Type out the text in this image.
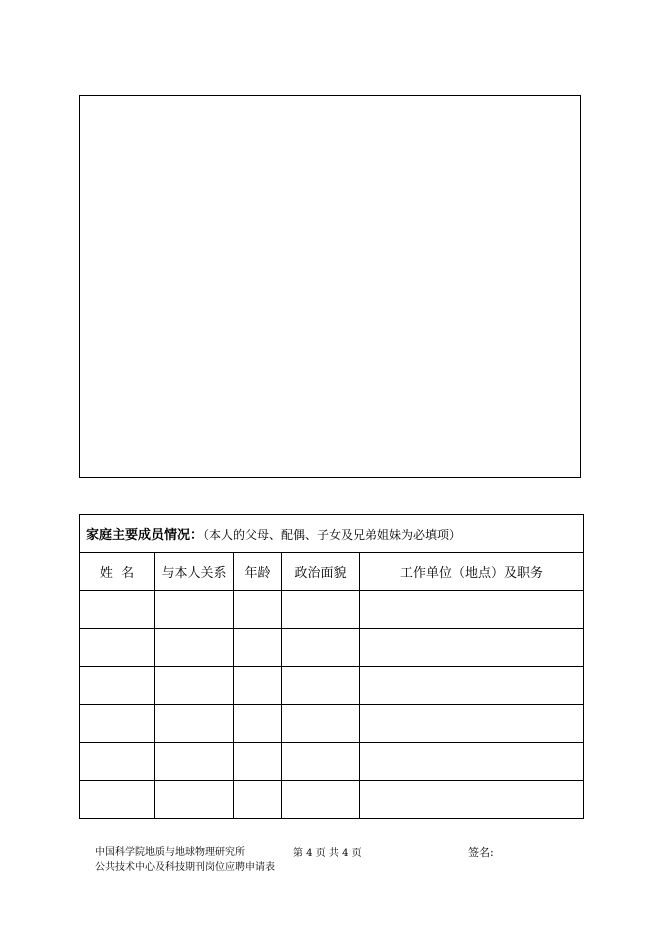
家庭主要成员情况：（本人的父母、配偶、子女及兄弟姐妹为必填项）				
姓  名	与本人关系	年龄	政治面貌	工作单位（地点）及职务

中国科学院地质与地球物理研究所
公共技术中心及科技期刊岗位应聘申请表
第 4 页 共 4 页	签名:
